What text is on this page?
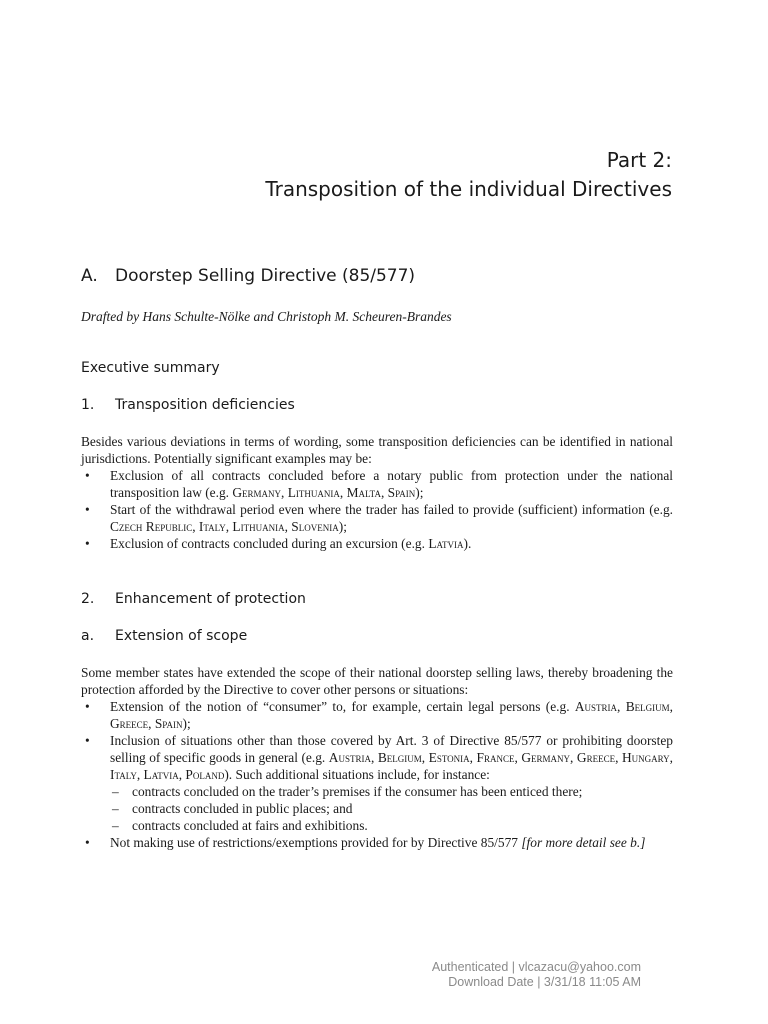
Part 2:
Transposition of the individual Directives
A. Doorstep Selling Directive (85/577)
Drafted by Hans Schulte-Nölke and Christoph M. Scheuren-Brandes
Executive summary
1. Transposition deficiencies

Besides various deviations in terms of wording, some transposition deficiencies can be identified in national jurisdictions. Potentially significant examples may be:

• Exclusion of all contracts concluded before a notary public from protection under the national transposition law (e.g. Germany, Lithuania, Malta, Spain);
• Start of the withdrawal period even where the trader has failed to provide (sufficient) information (e.g. Czech Republic, Italy, Lithuania, Slovenia);
• Exclusion of contracts concluded during an excursion (e.g. Latvia).
2. Enhancement of protection
a. Extension of scope

Some member states have extended the scope of their national doorstep selling laws, thereby broadening the protection afforded by the Directive to cover other persons or situations:

• Extension of the notion of “consumer” to, for example, certain legal persons (e.g. Austria, Belgium, Greece, Spain);
• Inclusion of situations other than those covered by Art. 3 of Directive 85/577 or prohibiting doorstep selling of specific goods in general (e.g. Austria, Belgium, Estonia, France, Germany, Greece, Hungary, Italy, Latvia, Poland). Such additional situations include, for instance:
– contracts concluded on the trader’s premises if the consumer has been enticed there;
– contracts concluded in public places; and
– contracts concluded at fairs and exhibitions.
• Not making use of restrictions/exemptions provided for by Directive 85/577 [for more detail see b.]
Authenticated | vlcazacu@yahoo.com
Download Date | 3/31/18 11:05 AM
